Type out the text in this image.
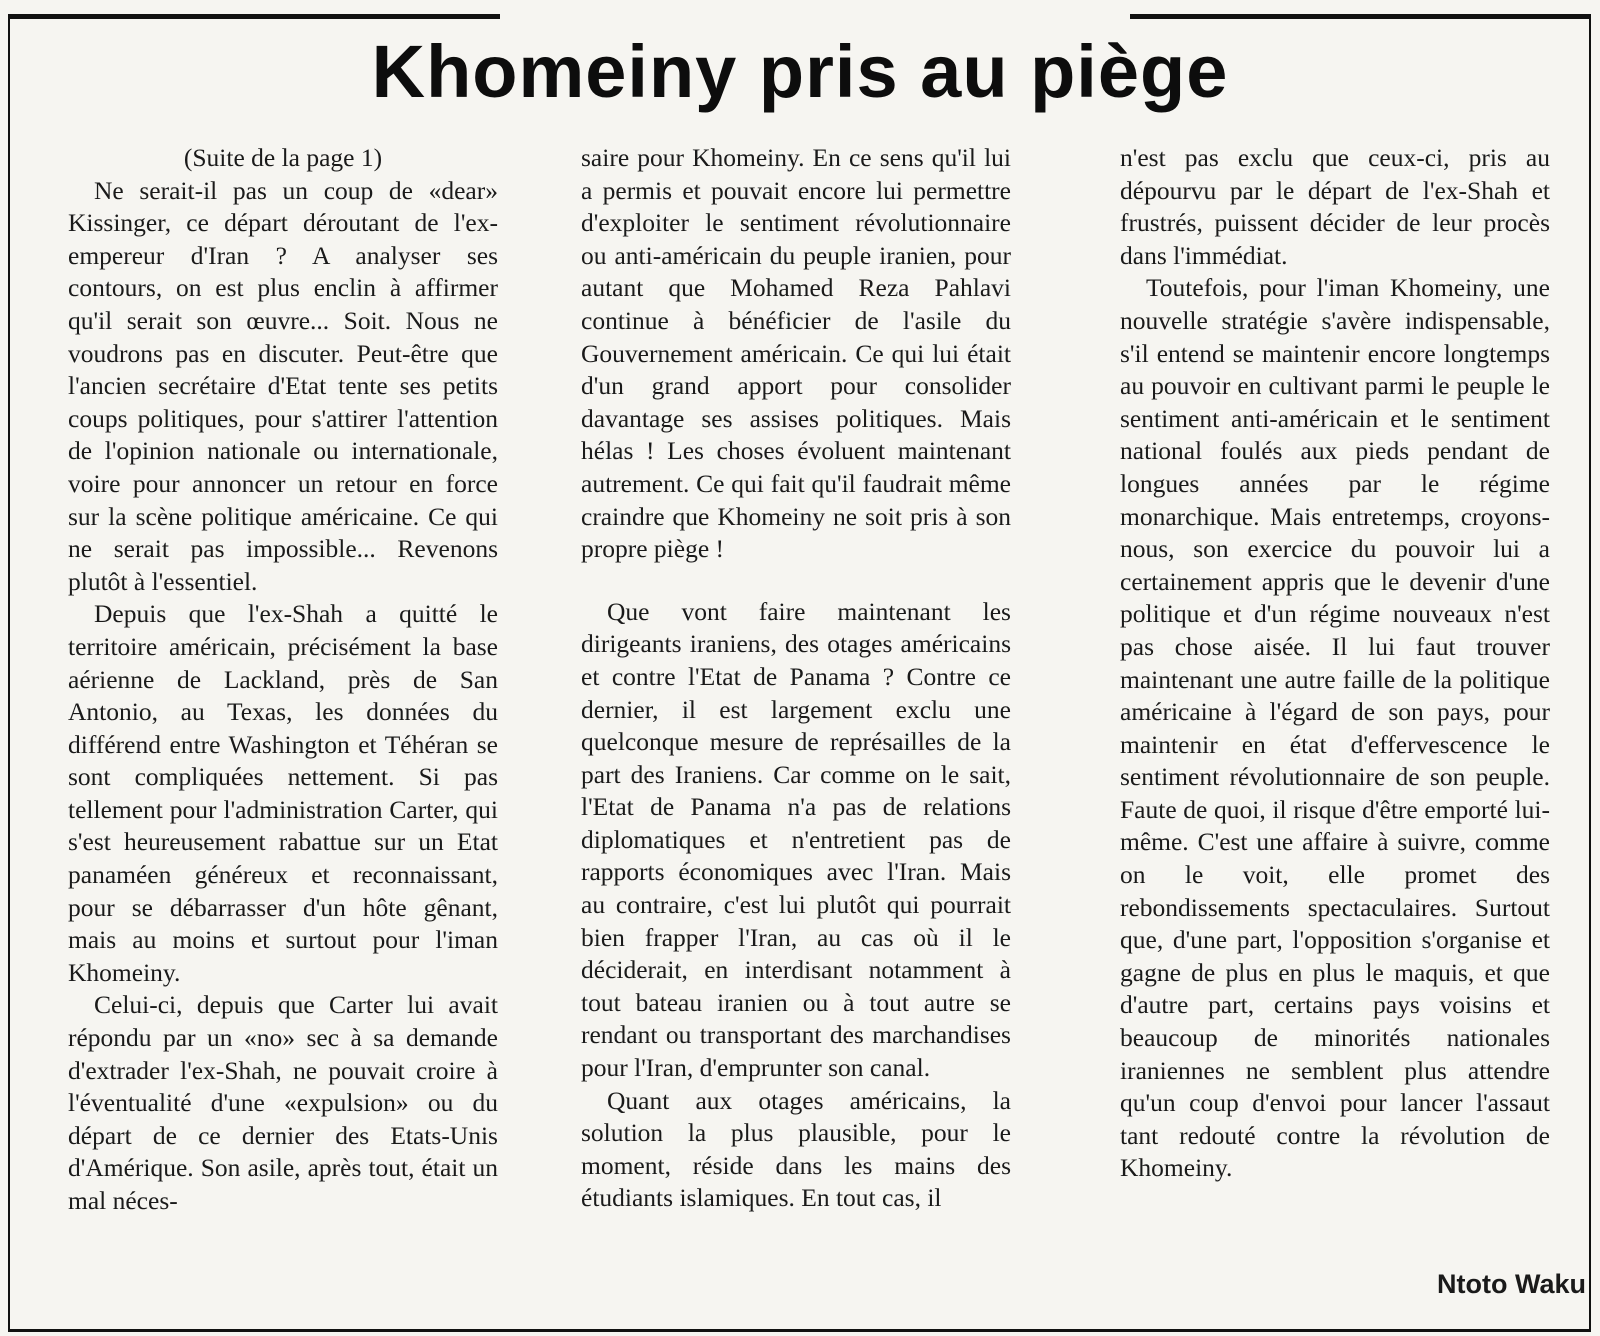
Khomeiny pris au piège

(Suite de la page 1)

Ne serait-il pas un coup de «dear» Kissinger, ce départ déroutant de l'ex-empereur d'Iran ? A analyser ses contours, on est plus enclin à affirmer qu'il serait son œuvre... Soit. Nous ne voudrons pas en discuter. Peut-être que l'ancien secrétaire d'Etat tente ses petits coups politiques, pour s'attirer l'attention de l'opinion nationale ou internationale, voire pour annoncer un retour en force sur la scène politique américaine. Ce qui ne serait pas impossible... Revenons plutôt à l'essentiel.

Depuis que l'ex-Shah a quitté le territoire américain, précisément la base aérienne de Lackland, près de San Antonio, au Texas, les données du différend entre Washington et Téhéran se sont compliquées nettement. Si pas tellement pour l'administration Carter, qui s'est heureusement rabattue sur un Etat panaméen généreux et reconnaissant, pour se débarrasser d'un hôte gênant, mais au moins et surtout pour l'iman Khomeiny.

Celui-ci, depuis que Carter lui avait répondu par un «no» sec à sa demande d'extrader l'ex-Shah, ne pouvait croire à l'éventualité d'une «expulsion» ou du départ de ce dernier des Etats-Unis d'Amérique. Son asile, après tout, était un mal néces-

saire pour Khomeiny. En ce sens qu'il lui a permis et pouvait encore lui permettre d'exploiter le sentiment révolutionnaire ou anti-américain du peuple iranien, pour autant que Mohamed Reza Pahlavi continue à bénéficier de l'asile du Gouvernement américain. Ce qui lui était d'un grand apport pour consolider davantage ses assises politiques. Mais hélas ! Les choses évoluent maintenant autrement. Ce qui fait qu'il faudrait même craindre que Khomeiny ne soit pris à son propre piège !

Que vont faire maintenant les dirigeants iraniens, des otages américains et contre l'Etat de Panama ? Contre ce dernier, il est largement exclu une quelconque mesure de représailles de la part des Iraniens. Car comme on le sait, l'Etat de Panama n'a pas de relations diplomatiques et n'entretient pas de rapports économiques avec l'Iran. Mais au contraire, c'est lui plutôt qui pourrait bien frapper l'Iran, au cas où il le déciderait, en interdisant notamment à tout bateau iranien ou à tout autre se rendant ou transportant des marchandises pour l'Iran, d'emprunter son canal.

Quant aux otages américains, la solution la plus plausible, pour le moment, réside dans les mains des étudiants islamiques. En tout cas, il

n'est pas exclu que ceux-ci, pris au dépourvu par le départ de l'ex-Shah et frustrés, puissent décider de leur procès dans l'immédiat.

Toutefois, pour l'iman Khomeiny, une nouvelle stratégie s'avère indispensable, s'il entend se maintenir encore longtemps au pouvoir en cultivant parmi le peuple le sentiment anti-américain et le sentiment national foulés aux pieds pendant de longues années par le régime monarchique. Mais entretemps, croyons-nous, son exercice du pouvoir lui a certainement appris que le devenir d'une politique et d'un régime nouveaux n'est pas chose aisée. Il lui faut trouver maintenant une autre faille de la politique américaine à l'égard de son pays, pour maintenir en état d'effervescence le sentiment révolutionnaire de son peuple. Faute de quoi, il risque d'être emporté lui-même. C'est une affaire à suivre, comme on le voit, elle promet des rebondissements spectaculaires. Surtout que, d'une part, l'opposition s'organise et gagne de plus en plus le maquis, et que d'autre part, certains pays voisins et beaucoup de minorités nationales iraniennes ne semblent plus attendre qu'un coup d'envoi pour lancer l'assaut tant redouté contre la révolution de Khomeiny.

Ntoto Waku
